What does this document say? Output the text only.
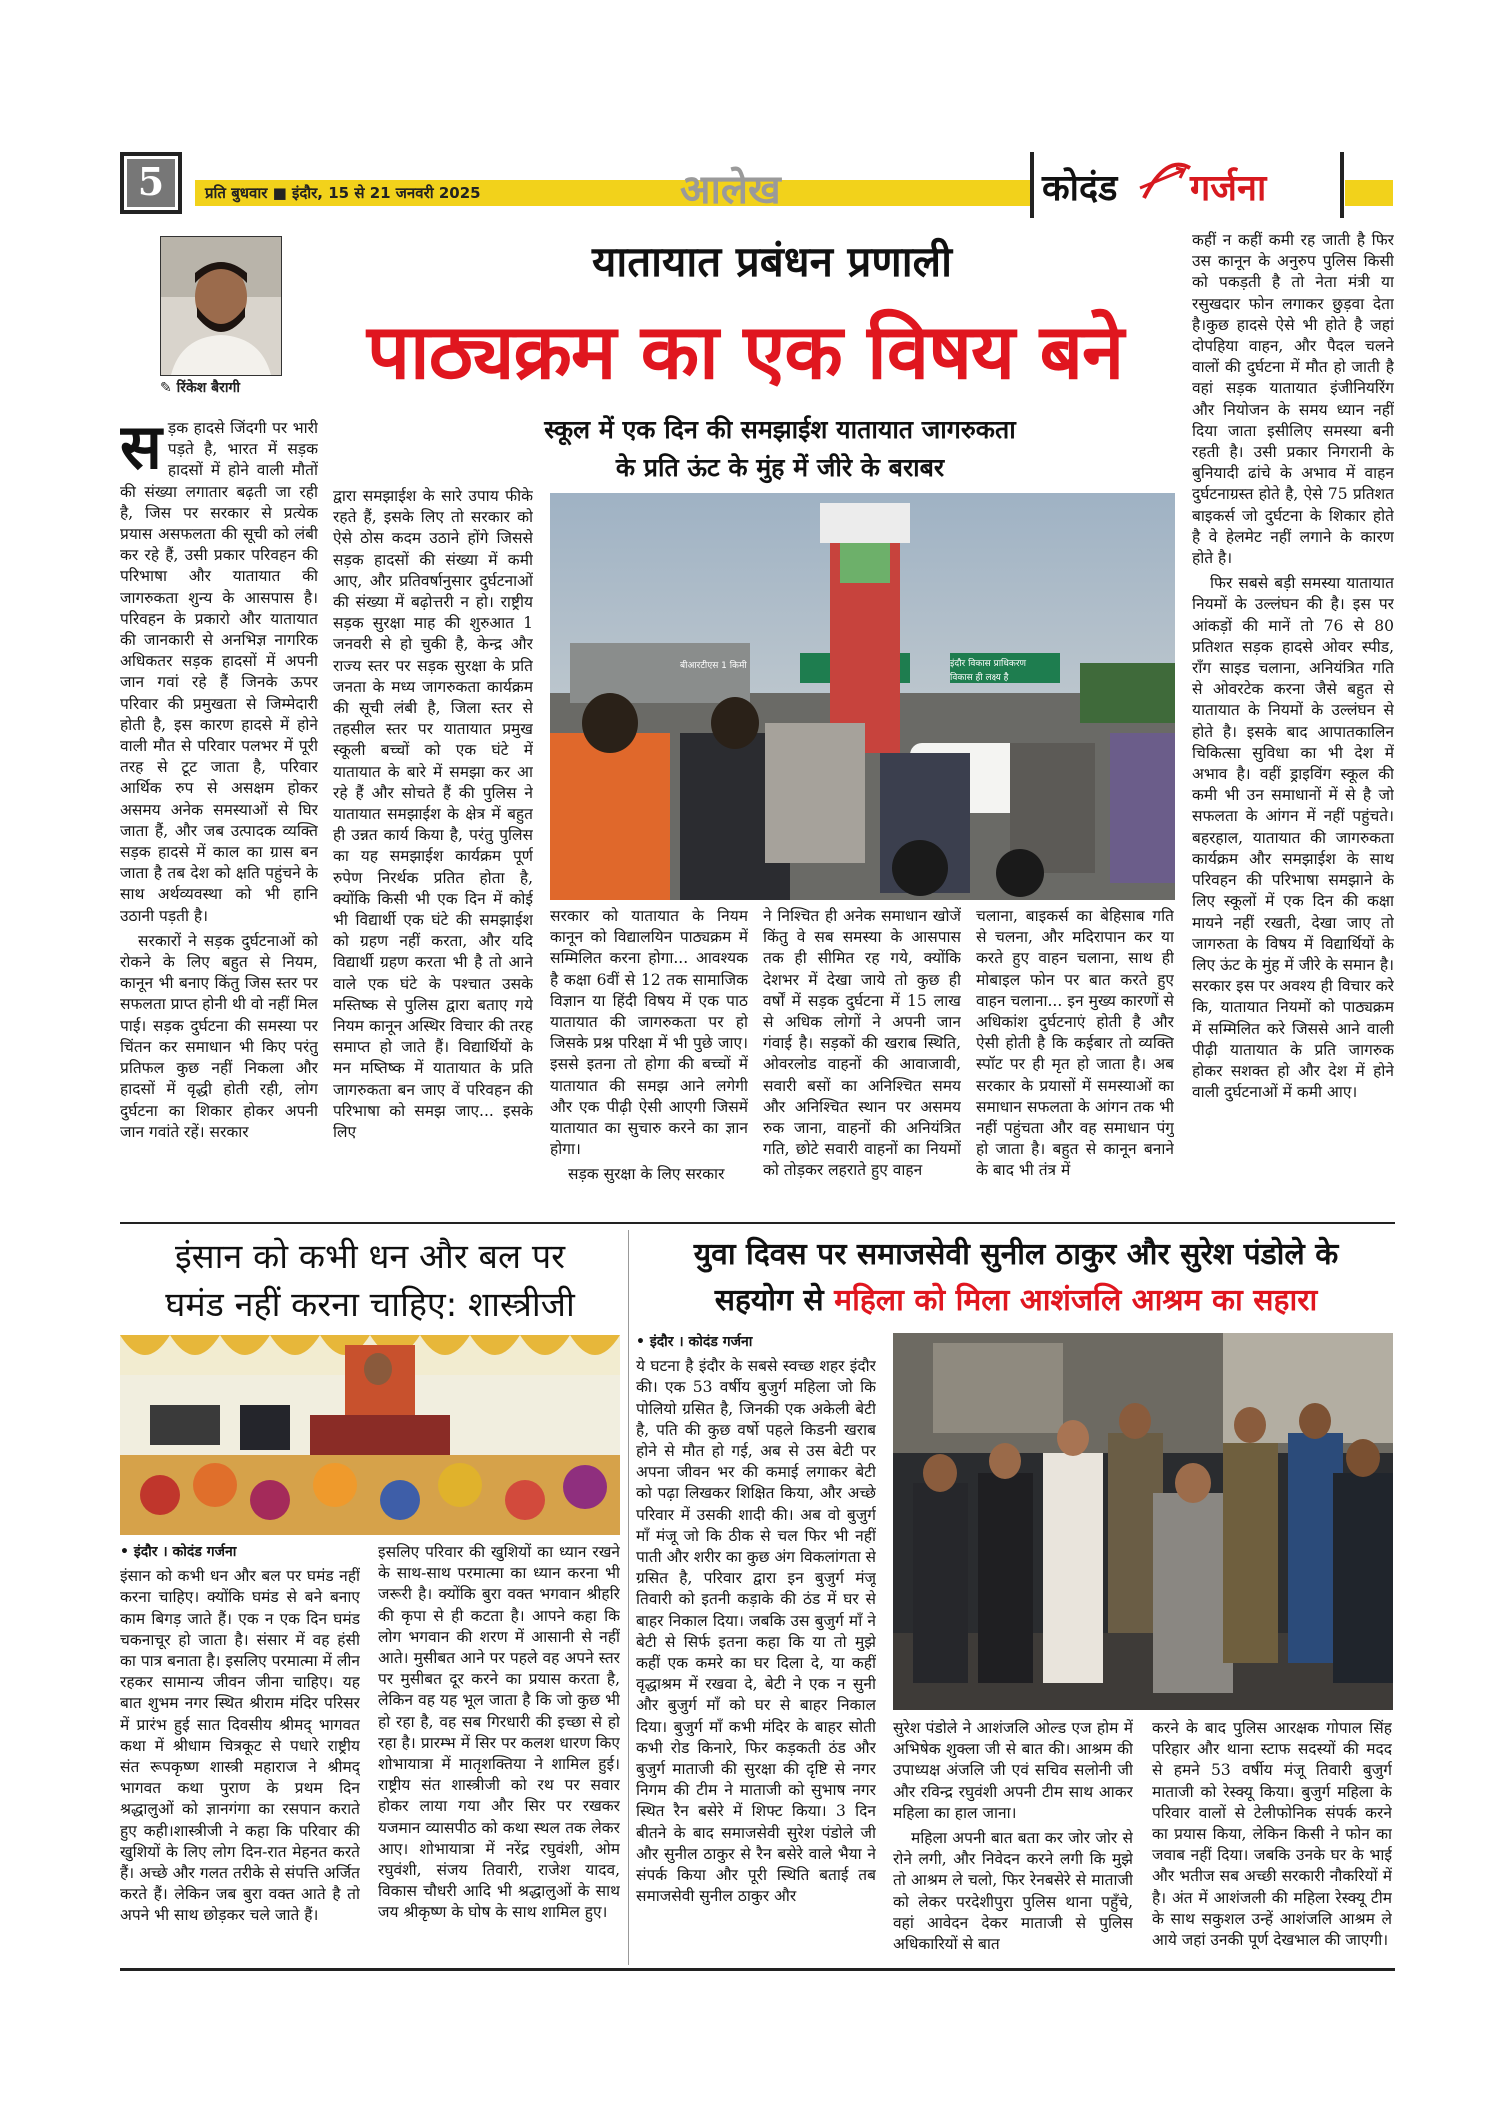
5	प्रति बुधवार ■ इंदौर, 15 से 21 जनवरी 2025	आलेख	कोदंड गर्जना
✎ रिंकेश बैरागी
यातायात प्रबंधन प्रणाली
पाठ्यक्रम का एक विषय बने
स्कूल में एक दिन की समझाईश यातायात जागरुकता
के प्रति ऊंट के मुंह में जीरे के बराबर

सड़क हादसे जिंदगी पर भारी पड़ते है, भारत में सड़क हादसों में होने वाली मौतों की संख्या लगातार बढ़ती जा रही है, जिस पर सरकार से प्रत्येक प्रयास असफलता की सूची को लंबी कर रहे हैं, उसी प्रकार परिवहन की परिभाषा और यातायात की जागरुकता शुन्य के आसपास है। परिवहन के प्रकारो और यातायात की जानकारी से अनभिज्ञ नागरिक अधिकतर सड़क हादसों में अपनी जान गवां रहे हैं जिनके ऊपर परिवार की प्रमुखता से जिम्मेदारी होती है, इस कारण हादसे में होने वाली मौत से परिवार पलभर में पूरी तरह से टूट जाता है, परिवार आर्थिक रुप से असक्षम होकर असमय अनेक समस्याओं से घिर जाता हैं, और जब उत्पादक व्यक्ति सड़क हादसे में काल का ग्रास बन जाता है तब देश को क्षति पहुंचने के साथ अर्थव्यवस्था को भी हानि उठानी पड़ती है।

सरकारों ने सड़क दुर्घटनाओं को रोकने के लिए बहुत से नियम, कानून भी बनाए किंतु जिस स्तर पर सफलता प्राप्त होनी थी वो नहीं मिल पाई। सड़क दुर्घटना की समस्या पर चिंतन कर समाधान भी किए परंतु प्रतिफल कुछ नहीं निकला और हादसों में वृद्धी होती रही, लोग दुर्घटना का शिकार होकर अपनी जान गवांते रहें। सरकार

द्वारा समझाईश के सारे उपाय फीके रहते हैं, इसके लिए तो सरकार को ऐसे ठोस कदम उठाने होंगे जिससे सड़क हादसों की संख्या में कमी आए, और प्रतिवर्षानुसार दुर्घटनाओं की संख्या में बढ़ोत्तरी न हो। राष्ट्रीय सड़क सुरक्षा माह की शुरुआत 1 जनवरी से हो चुकी है, केन्द्र और राज्य स्तर पर सड़क सुरक्षा के प्रति जनता के मध्य जागरुकता कार्यक्रम की सूची लंबी है, जिला स्तर से तहसील स्तर पर यातायात प्रमुख स्कूली बच्चों को एक घंटे में यातायात के बारे में समझा कर आ रहे हैं और सोचते हैं की पुलिस ने यातायात समझाईश के क्षेत्र में बहुत ही उन्नत कार्य किया है, परंतु पुलिस का यह समझाईश कार्यक्रम पूर्ण रुपेण निरर्थक प्रतित होता है, क्योंकि किसी भी एक दिन में कोई भी विद्यार्थी एक घंटे की समझाईश को ग्रहण नहीं करता, और यदि विद्यार्थी ग्रहण करता भी है तो आने वाले एक घंटे के पश्चात उसके मस्तिष्क से पुलिस द्वारा बताए गये नियम कानून अस्थिर विचार की तरह समाप्त हो जाते हैं। विद्यार्थियों के मन मष्तिष्क में यातायात के प्रति जागरुकता बन जाए वें परिवहन की परिभाषा को समझ जाए... इसके लिए

बीआरटीएस 1 किमी	इंदौर विकास प्राधिकरण
विकास ही लक्ष्य है

सरकार को यातायात के नियम कानून को विद्यालयिन पाठ्यक्रम में सम्मिलित करना होगा... आवश्यक है कक्षा 6वीं से 12 तक सामाजिक विज्ञान या हिंदी विषय में एक पाठ यातायात की जागरुकता पर हो जिसके प्रश्न परिक्षा में भी पुछे जाए। इससे इतना तो होगा की बच्चों में यातायात की समझ आने लगेगी और एक पीढ़ी ऐसी आएगी जिसमें यातायात का सुचारु करने का ज्ञान होगा।

सड़क सुरक्षा के लिए सरकार

ने निश्चित ही अनेक समाधान खोजें किंतु वे सब समस्या के आसपास तक ही सीमित रह गये, क्योंकि देशभर में देखा जाये तो कुछ ही वर्षों में सड़क दुर्घटना में 15 लाख से अधिक लोगों ने अपनी जान गंवाई है। सड़कों की खराब स्थिति, ओवरलोड वाहनों की आवाजावी, सवारी बसों का अनिश्चित समय और अनिश्चित स्थान पर असमय रुक जाना, वाहनों की अनियंत्रित गति, छोटे सवारी वाहनों का नियमों को तोड़कर लहराते हुए वाहन

चलाना, बाइकर्स का बेहिसाब गति से चलना, और मदिरापान कर या करते हुए वाहन चलाना, साथ ही मोबाइल फोन पर बात करते हुए वाहन चलाना... इन मुख्य कारणों से अधिकांश दुर्घटनाएं होती है और ऐसी होती है कि कईबार तो व्यक्ति स्पॉट पर ही मृत हो जाता है। अब सरकार के प्रयासों में समस्याओं का समाधान सफलता के आंगन तक भी नहीं पहुंचता और वह समाधान पंगु हो जाता है। बहुत से कानून बनाने के बाद भी तंत्र में

कहीं न कहीं कमी रह जाती है फिर उस कानून के अनुरुप पुलिस किसी को पकड़ती है तो नेता मंत्री या रसुखदार फोन लगाकर छुड़वा देता है।कुछ हादसे ऐसे भी होते है जहां दोपहिया वाहन, और पैदल चलने वालों की दुर्घटना में मौत हो जाती है वहां सड़क यातायात इंजीनियरिंग और नियोजन के समय ध्यान नहीं दिया जाता इसीलिए समस्या बनी रहती है। उसी प्रकार निगरानी के बुनियादी ढांचे के अभाव में वाहन दुर्घटनाग्रस्त होते है, ऐसे 75 प्रतिशत बाइकर्स जो दुर्घटना के शिकार होते है वे हेलमेट नहीं लगाने के कारण होते है।

फिर सबसे बड़ी समस्या यातायात नियमों के उल्लंघन की है। इस पर आंकड़ों की मानें तो 76 से 80 प्रतिशत सड़क हादसे ओवर स्पीड, रॉंग साइड चलाना, अनियंत्रित गति से ओवरटेक करना जैसे बहुत से यातायात के नियमों के उल्लंघन से होते है। इसके बाद आपातकालिन चिकित्सा सुविधा का भी देश में अभाव है। वहीं ड्राइविंग स्कूल की कमी भी उन समाधानों में से है जो सफलता के आंगन में नहीं पहुंचते। बहरहाल, यातायात की जागरुकता कार्यक्रम और समझाईश के साथ परिवहन की परिभाषा समझाने के लिए स्कूलों में एक दिन की कक्षा मायने नहीं रखती, देखा जाए तो जागरुता के विषय में विद्यार्थियों के लिए ऊंट के मुंह में जीरे के समान है। सरकार इस पर अवश्य ही विचार करे कि, यातायात नियमों को पाठ्यक्रम में सम्मिलित करे जिससे आने वाली पीढ़ी यातायात के प्रति जागरुक होकर सशक्त हो और देश में होने वाली दुर्घटनाओं में कमी आए।

इंसान को कभी धन और बल पर
घमंड नहीं करना चाहिए: शास्त्रीजी
• इंदौर । कोदंड गर्जना

इंसान को कभी धन और बल पर घमंड नहीं करना चाहिए। क्योंकि घमंड से बने बनाए काम बिगड़ जाते हैं। एक न एक दिन घमंड चकनाचूर हो जाता है। संसार में वह हंसी का पात्र बनाता है। इसलिए परमात्मा में लीन रहकर सामान्य जीवन जीना चाहिए। यह बात शुभम नगर स्थित श्रीराम मंदिर परिसर में प्रारंभ हुई सात दिवसीय श्रीमद् भागवत कथा में श्रीधाम चित्रकूट से पधारे राष्ट्रीय संत रूपकृष्ण शास्त्री महाराज ने श्रीमद् भागवत कथा पुराण के प्रथम दिन श्रद्धालुओं को ज्ञानगंगा का रसपान कराते हुए कही।शास्त्रीजी ने कहा कि परिवार की खुशियों के लिए लोग दिन-रात मेहनत करते हैं। अच्छे और गलत तरीके से संपत्ति अर्जित करते हैं। लेकिन जब बुरा वक्त आते है तो अपने भी साथ छोड़कर चले जाते हैं।

इसलिए परिवार की खुशियों का ध्यान रखने के साथ-साथ परमात्मा का ध्यान करना भी जरूरी है। क्योंकि बुरा वक्त भगवान श्रीहरि की कृपा से ही कटता है। आपने कहा कि लोग भगवान की शरण में आसानी से नहीं आते। मुसीबत आने पर पहले वह अपने स्तर पर मुसीबत दूर करने का प्रयास करता है, लेकिन वह यह भूल जाता है कि जो कुछ भी हो रहा है, वह सब गिरधारी की इच्छा से हो रहा है। प्रारम्भ में सिर पर कलश धारण किए शोभायात्रा में मातृशक्तिया ने शामिल हुई। राष्ट्रीय संत शास्त्रीजी को रथ पर सवार होकर लाया गया और सिर पर रखकर यजमान व्यासपीठ को कथा स्थल तक लेकर आए। शोभायात्रा में नरेंद्र रघुवंशी, ओम रघुवंशी, संजय तिवारी, राजेश यादव, विकास चौधरी आदि भी श्रद्धालुओं के साथ जय श्रीकृष्ण के घोष के साथ शामिल हुए।

युवा दिवस पर समाजसेवी सुनील ठाकुर और सुरेश पंडोले के
सहयोग से महिला को मिला आशंजलि आश्रम का सहारा
• इंदौर । कोदंड गर्जना

ये घटना है इंदौर के सबसे स्वच्छ शहर इंदौर की। एक 53 वर्षीय बुजुर्ग महिला जो कि पोलियो ग्रसित है, जिनकी एक अकेली बेटी है, पति की कुछ वर्षो पहले किडनी खराब होने से मौत हो गई, अब से उस बेटी पर अपना जीवन भर की कमाई लगाकर बेटी को पढ़ा लिखकर शिक्षित किया, और अच्छे परिवार में उसकी शादी की। अब वो बुजुर्ग माँ मंजू जो कि ठीक से चल फिर भी नहीं पाती और शरीर का कुछ अंग विकलांगता से ग्रसित है, परिवार द्वारा इन बुजुर्ग मंजू तिवारी को इतनी कड़ाके की ठंड में घर से बाहर निकाल दिया। जबकि उस बुजुर्ग माँ ने बेटी से सिर्फ इतना कहा कि या तो मुझे कहीं एक कमरे का घर दिला दे, या कहीं वृद्धाश्रम में रखवा दे, बेटी ने एक न सुनी और बुजुर्ग माँ को घर से बाहर निकाल दिया। बुजुर्ग माँ कभी मंदिर के बाहर सोती कभी रोड किनारे, फिर कड़कती ठंड और बुजुर्ग माताजी की सुरक्षा की दृष्टि से नगर निगम की टीम ने माताजी को सुभाष नगर स्थित रैन बसेरे में शिफ्ट किया। 3 दिन बीतने के बाद समाजसेवी सुरेश पंडोले जी और सुनील ठाकुर से रैन बसेरे वाले भैया ने संपर्क किया और पूरी स्थिति बताई तब समाजसेवी सुनील ठाकुर और

सुरेश पंडोले ने आशंजलि ओल्ड एज होम में अभिषेक शुक्ला जी से बात की। आश्रम की उपाध्यक्ष अंजलि जी एवं सचिव सलोनी जी और रविन्द्र रघुवंशी अपनी टीम साथ आकर महिला का हाल जाना।

महिला अपनी बात बता कर जोर जोर से रोने लगी, और निवेदन करने लगी कि मुझे तो आश्रम ले चलो, फिर रेनबसेरे से माताजी को लेकर परदेशीपुरा पुलिस थाना पहुँचे, वहां आवेदन देकर माताजी से पुलिस अधिकारियों से बात

करने के बाद पुलिस आरक्षक गोपाल सिंह परिहार और थाना स्टाफ सदस्यों की मदद से हमने 53 वर्षीय मंजू तिवारी बुजुर्ग माताजी को रेस्क्यू किया। बुजुर्ग महिला के परिवार वालों से टेलीफोनिक संपर्क करने का प्रयास किया, लेकिन किसी ने फोन का जवाब नहीं दिया। जबकि उनके घर के भाई और भतीज सब अच्छी सरकारी नौकरियों में है। अंत में आशंजली की महिला रेस्क्यू टीम के साथ सकुशल उन्हें आशंजलि आश्रम ले आये जहां उनकी पूर्ण देखभाल की जाएगी।
